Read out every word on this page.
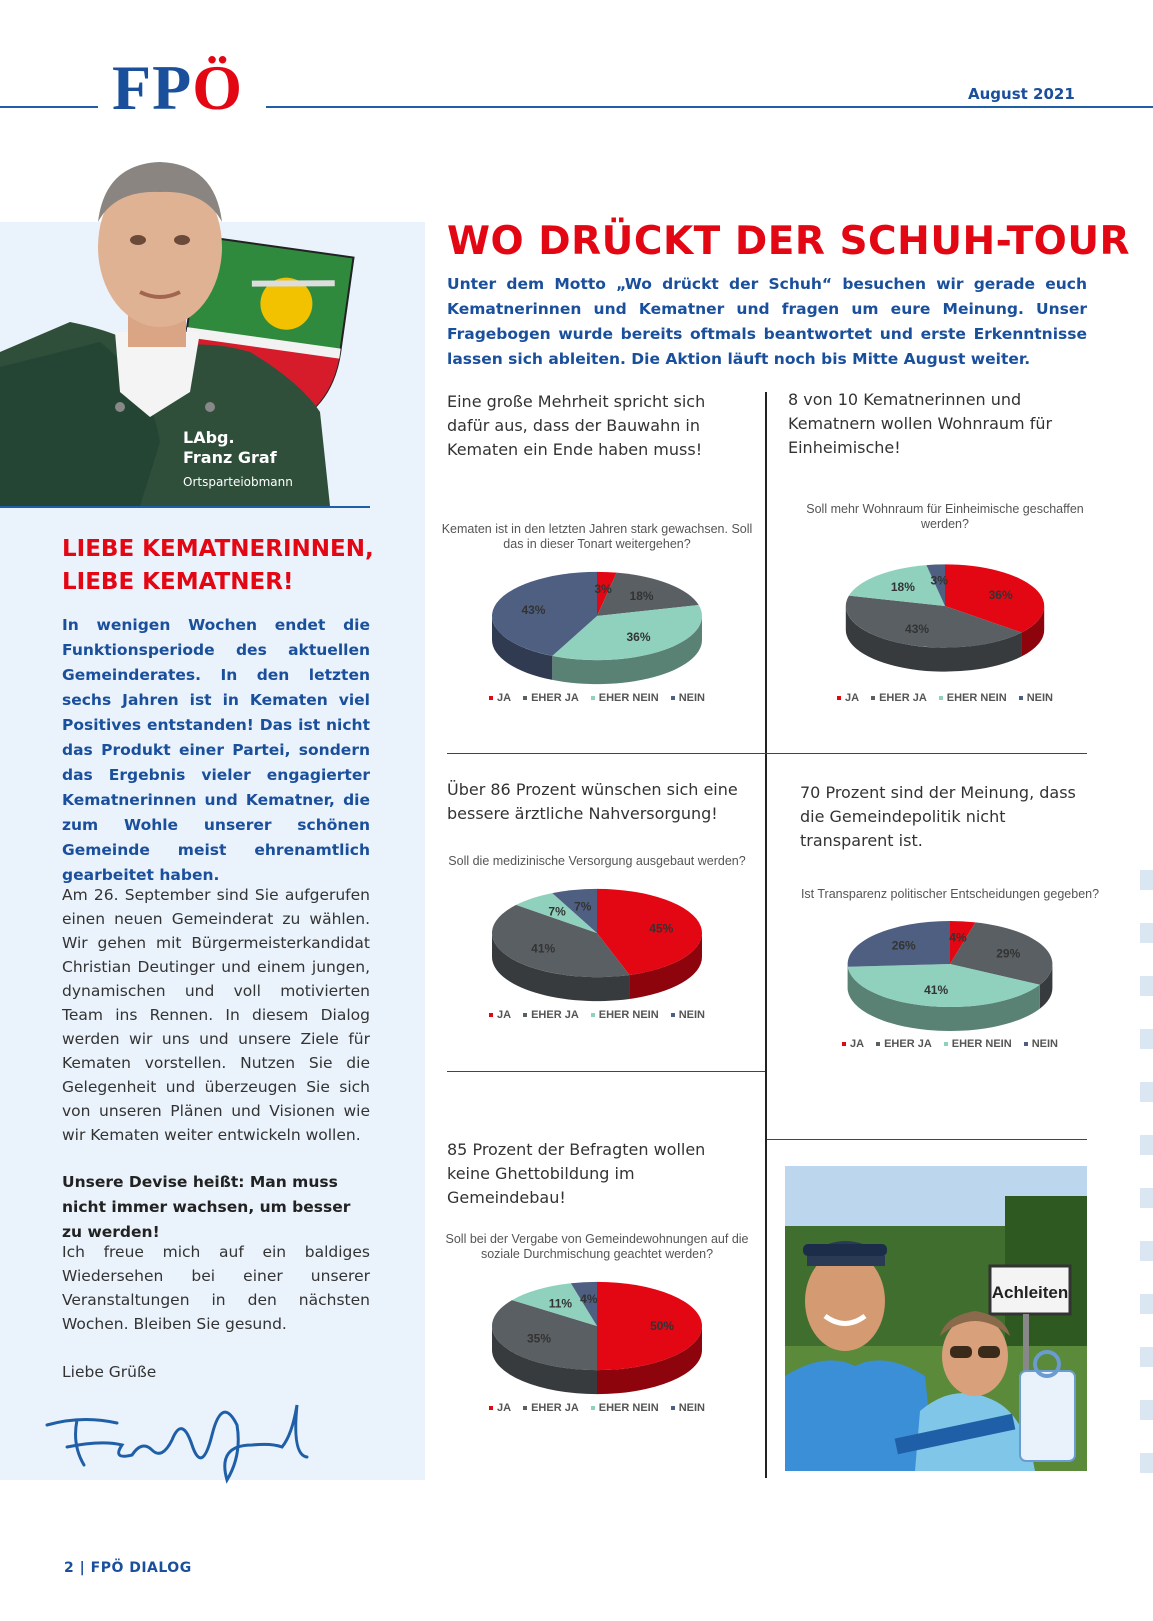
FPÖ	August 2021
LAbg.
Franz Graf
Ortsparteiobmann
LIEBE KEMATNERINNEN,
LIEBE KEMATNER!
In wenigen Wochen endet die Funktionsperiode des aktuellen Gemeinderates. In den letzten sechs Jahren ist in Kematen viel Positives entstanden! Das ist nicht das Produkt einer Partei, sondern das Ergebnis vieler engagierter Kematnerinnen und Kematner, die zum Wohle unserer schönen Gemeinde meist ehrenamtlich gearbeitet haben.
Am 26. September sind Sie aufgerufen einen neuen Gemeinderat zu wählen. Wir gehen mit Bürgermeisterkandidat Christian Deutinger und einem jungen, dynamischen und voll motivierten Team ins Rennen. In diesem Dialog werden wir uns und unsere Ziele für Kematen vorstellen. Nutzen Sie die Gelegenheit und überzeugen Sie sich von unseren Plänen und Visionen wie wir Kematen weiter entwickeln wollen.
Unsere Devise heißt: Man muss nicht immer wachsen, um besser zu werden!
Ich freue mich auf ein baldiges Wiedersehen bei einer unserer Veranstaltungen in den nächsten Wochen. Bleiben Sie gesund.
Liebe Grüße
WO DRÜCKT DER SCHUH-TOUR
Unter dem Motto „Wo drückt der Schuh“ besuchen wir gerade euch Kematnerinnen und Kematner und fragen um eure Meinung. Unser Fragebogen wurde bereits oftmals beantwortet und erste Erkenntnisse lassen sich ableiten. Die Aktion läuft noch bis Mitte August weiter.
Eine große Mehrheit spricht sich dafür aus, dass der Bauwahn in Kematen ein Ende haben muss!
8 von 10 Kematnerinnen und Kematnern wollen Wohnraum für Einheimische!
Über 86 Prozent wünschen sich eine bessere ärztliche Nahversorgung!
70 Prozent sind der Meinung, dass die Gemeindepolitik nicht transparent ist.
85 Prozent der Befragten wollen keine Ghettobildung im Gemeindebau!
Kematen ist in den letzten Jahren stark gewachsen. Soll das in dieser Tonart weitergehen?
3%
18%
36%
43%
JA	EHER JA	EHER NEIN	NEIN
Soll mehr Wohnraum für Einheimische geschaffen werden?
36%
43%
18% 3%
JA	EHER JA	EHER NEIN	NEIN
Soll die medizinische Versorgung ausgebaut werden?
45%
41%
7% 7%
JA	EHER JA	EHER NEIN	NEIN
Ist Transparenz politischer Entscheidungen gegeben?
4%
29%
41%
26%
JA	EHER JA	EHER NEIN	NEIN
Soll bei der Vergabe von Gemeindewohnungen auf die soziale Durchmischung geachtet werden?
50%
35%
11% 4%
JA	EHER JA	EHER NEIN	NEIN
Achleiten
2 | FPÖ DIALOG
